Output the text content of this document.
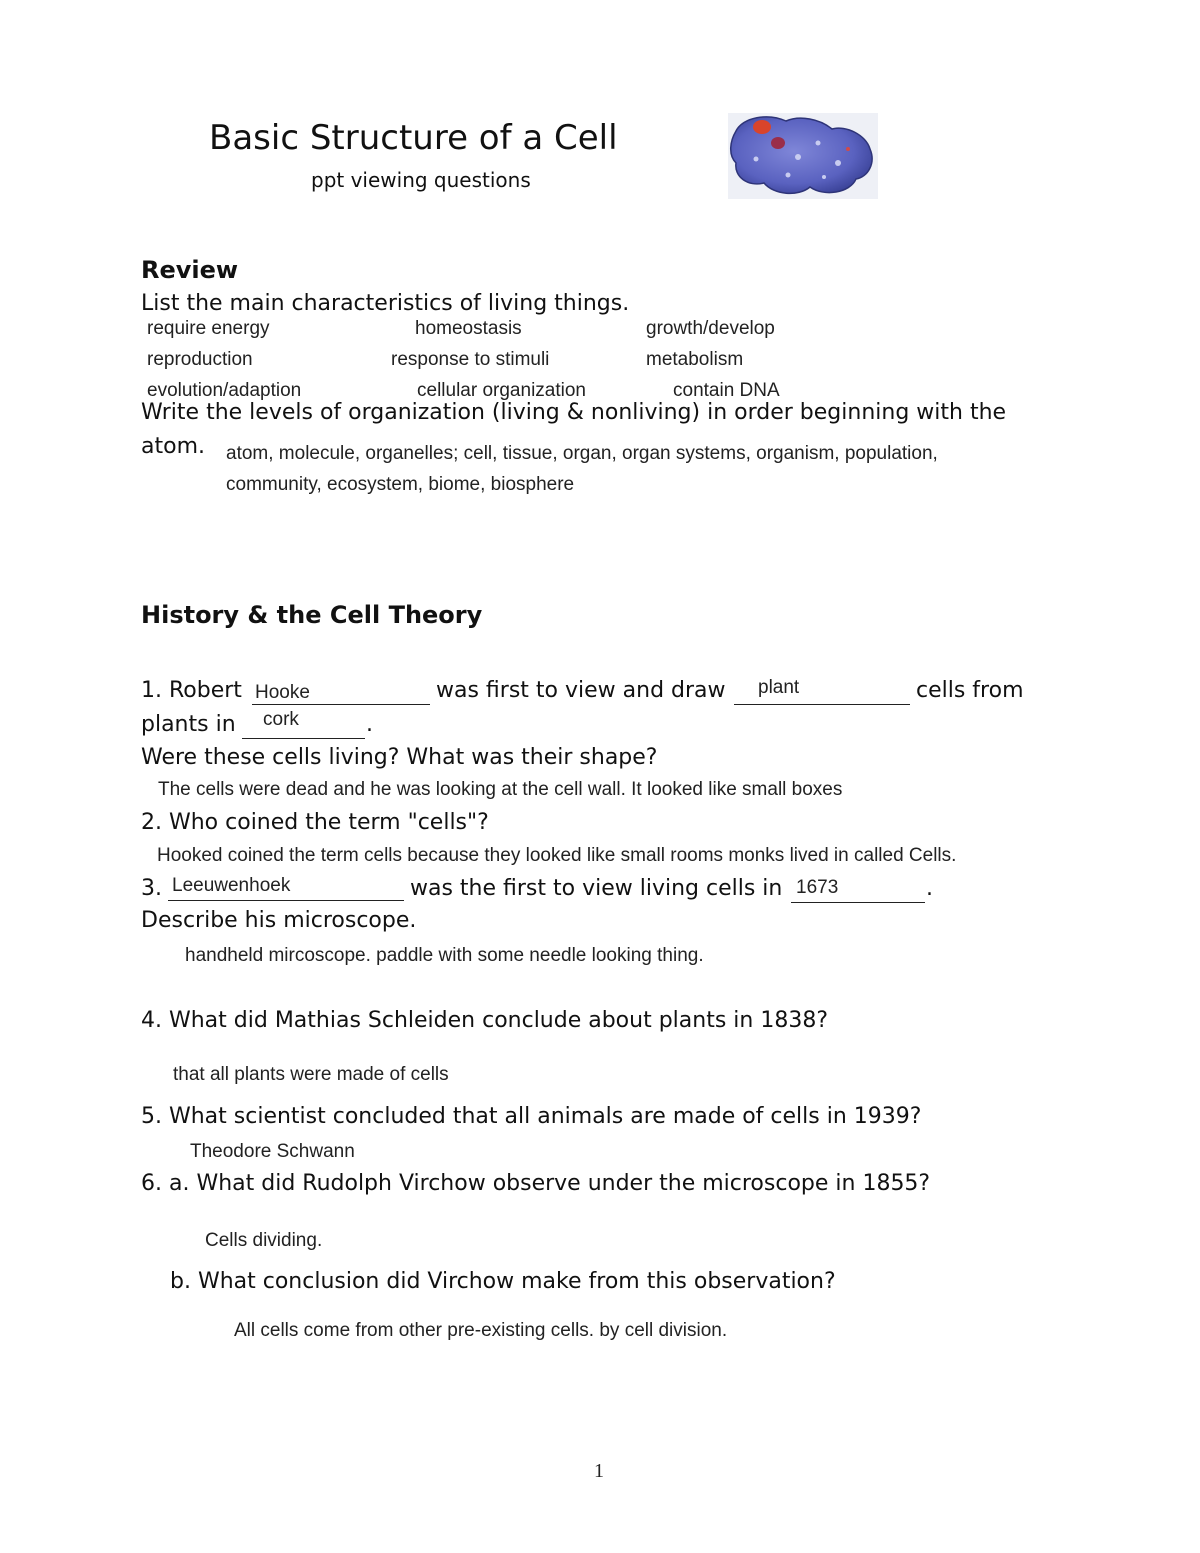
Basic Structure of a Cell
ppt viewing questions
Review
List the main characteristics of living things.
require energy	homeostasis	growth/develop
reproduction	response to stimuli	metabolism
evolution/adaption	cellular organization	contain DNA
Write the levels of organization (living & nonliving) in order beginning with the
atom. atom, molecule, organelles; cell, tissue, organ, organ systems, organism, population,
community, ecosystem, biome, biosphere
History & the Cell Theory
1. Robert Hooke	was first to view and draw plant	cells from
plants in cork	.
Were these cells living? What was their shape?
The cells were dead and he was looking at the cell wall. It looked like small boxes
2. Who coined the term "cells"?
Hooked coined the term cells because they looked like small rooms monks lived in called Cells.
3. Leeuwenhoek	was the first to view living cells in 1673	.
Describe his microscope.
handheld mircoscope. paddle with some needle looking thing.
4. What did Mathias Schleiden conclude about plants in 1838?
that all plants were made of cells
5. What scientist concluded that all animals are made of cells in 1939?
Theodore Schwann
6. a. What did Rudolph Virchow observe under the microscope in 1855?
Cells dividing.
b. What conclusion did Virchow make from this observation?
All cells come from other pre-existing cells. by cell division.
1
